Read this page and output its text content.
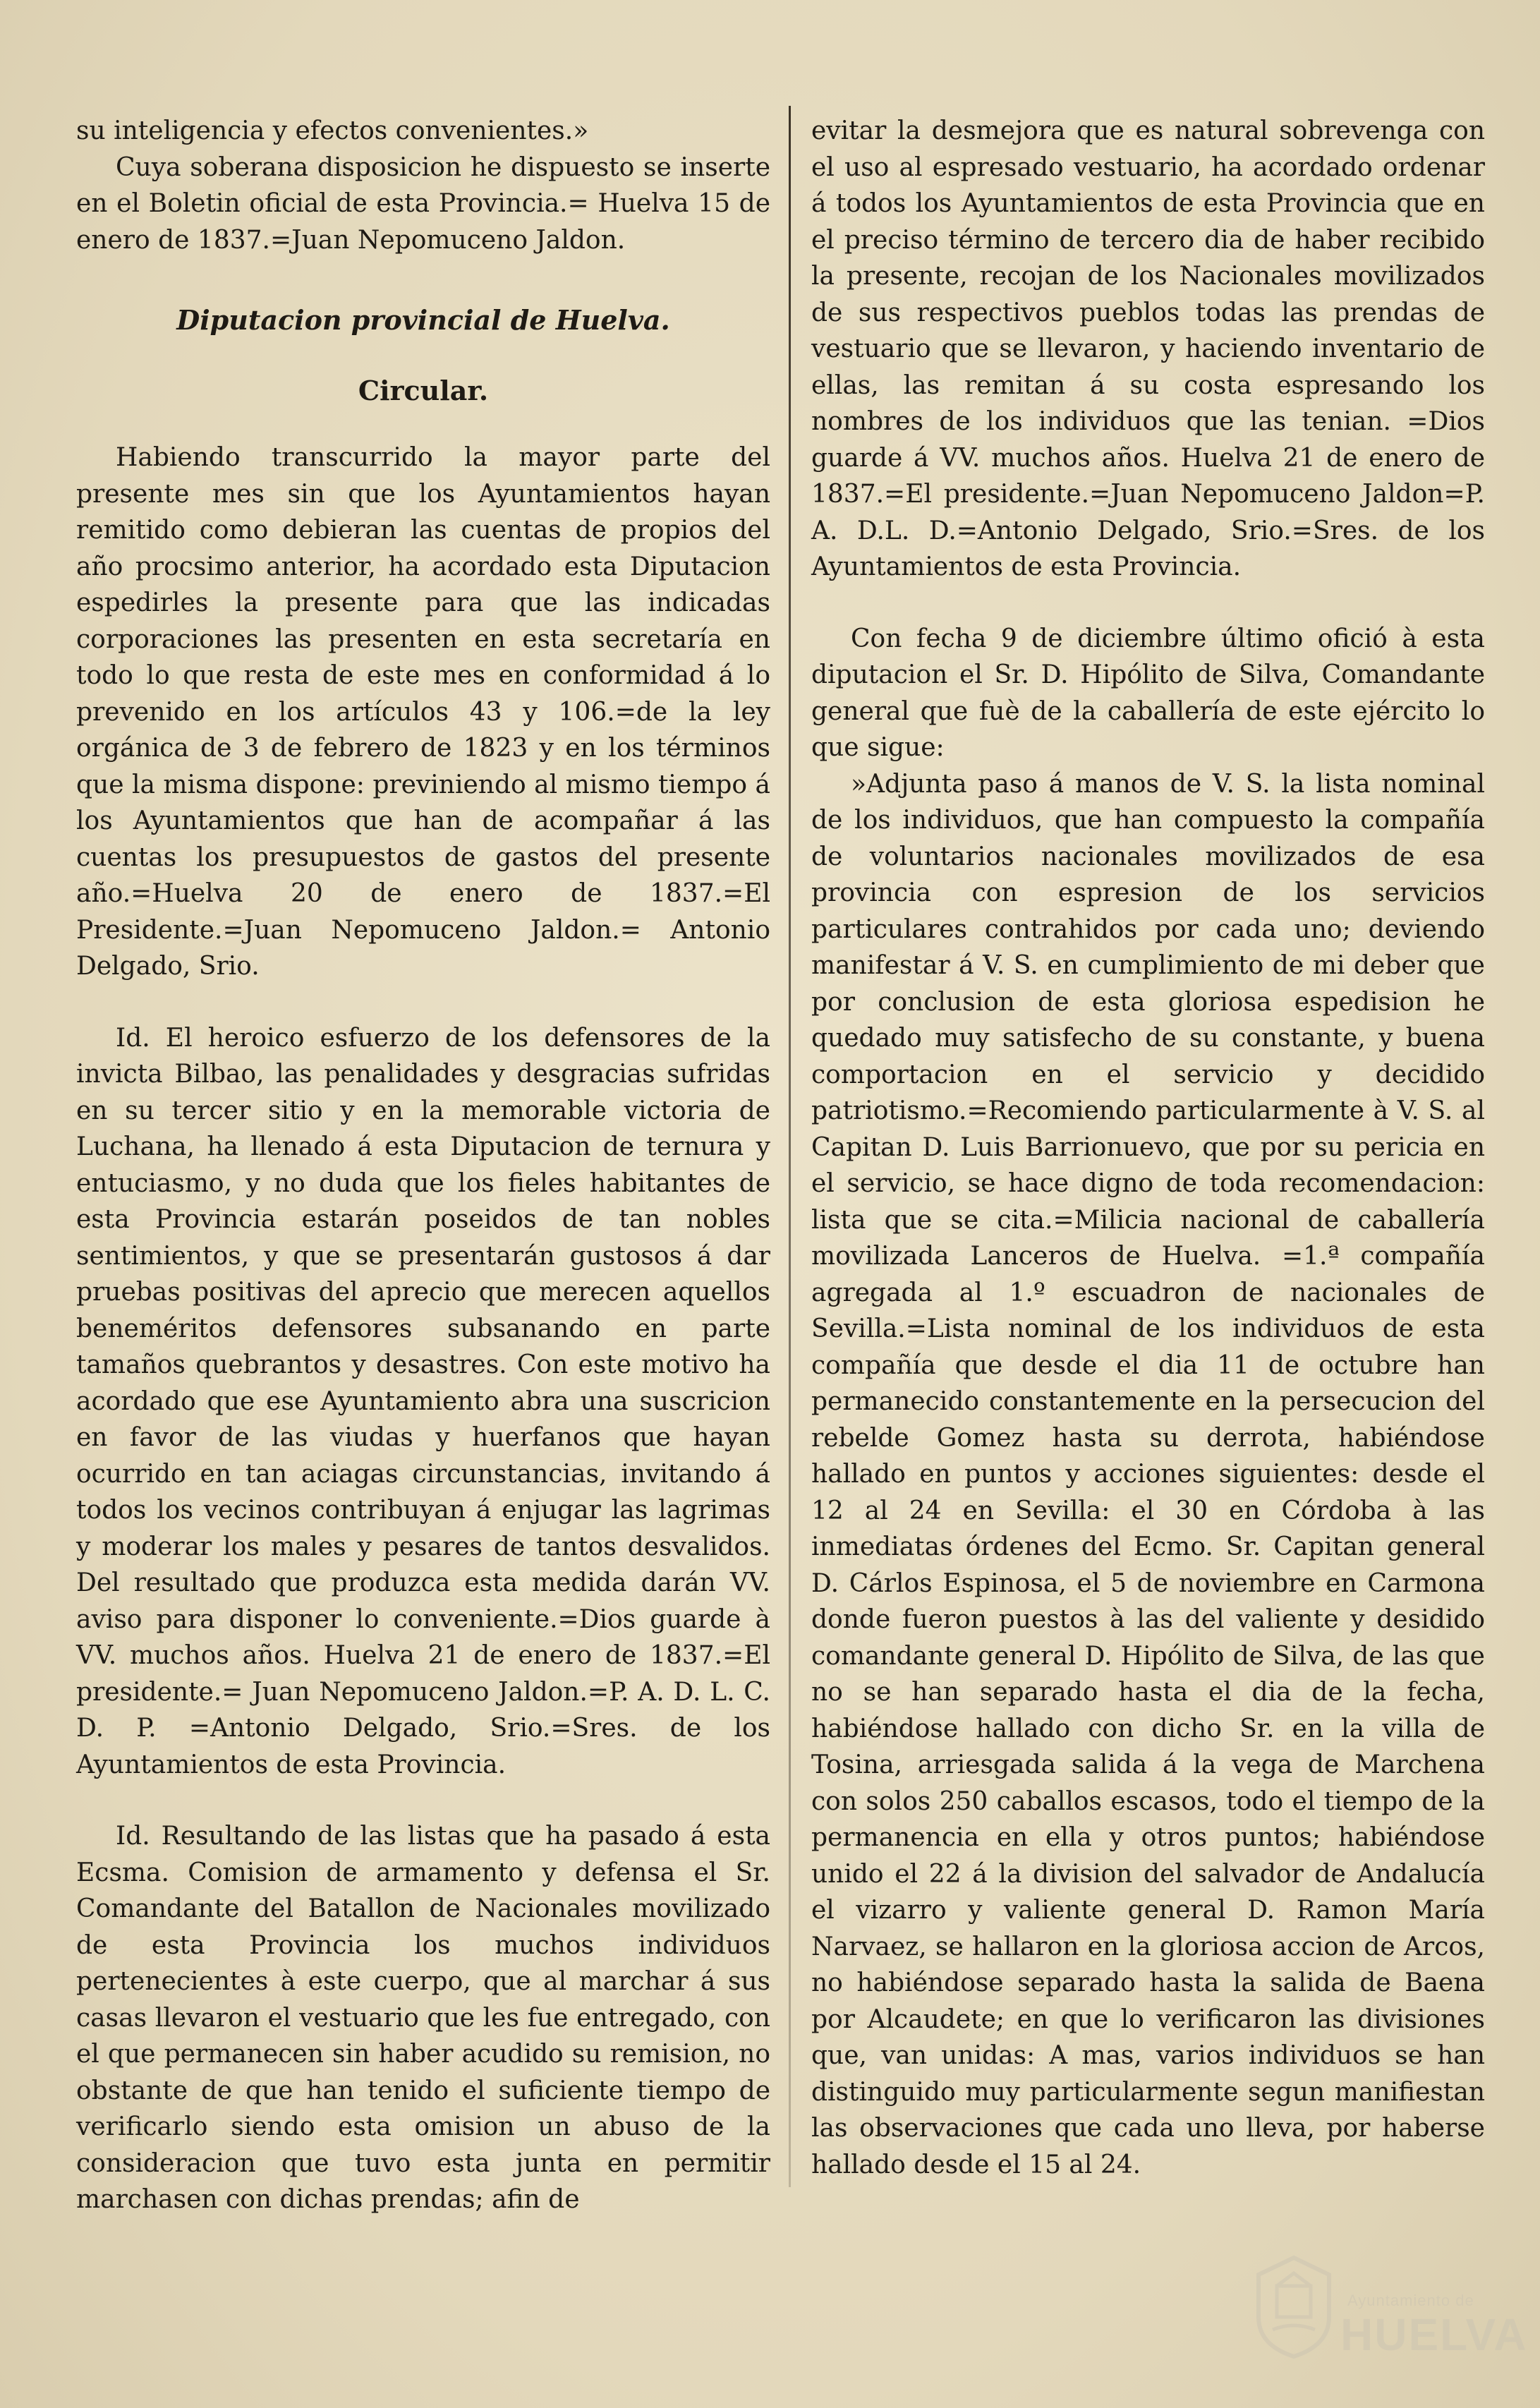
su inteligencia y efectos convenientes.»

Cuya soberana disposicion he dispuesto se inserte en el Boletin oficial de esta Provincia.= Huelva 15 de enero de 1837.=Juan Nepomuceno Jaldon.

Diputacion provincial de Huelva.
Circular.

Habiendo transcurrido la mayor parte del presente mes sin que los Ayuntamientos hayan remitido como debieran las cuentas de propios del año procsimo anterior, ha acordado esta Diputacion espedirles la presente para que las indicadas corporaciones las presenten en esta secretaría en todo lo que resta de este mes en conformidad á lo prevenido en los artículos 43 y 106.=de la ley orgánica de 3 de febrero de 1823 y en los términos que la misma dispone: previniendo al mismo tiempo á los Ayuntamientos que han de acompañar á las cuentas los presupuestos de gastos del presente año.=Huelva 20 de enero de 1837.=El Presidente.=Juan Nepomuceno Jaldon.= Antonio Delgado, Srio.

Id. El heroico esfuerzo de los defensores de la invicta Bilbao, las penalidades y desgracias sufridas en su tercer sitio y en la memorable victoria de Luchana, ha llenado á esta Diputacion de ternura y entuciasmo, y no duda que los fieles habitantes de esta Provincia estarán poseidos de tan nobles sentimientos, y que se presentarán gustosos á dar pruebas positivas del aprecio que merecen aquellos beneméritos defensores subsanando en parte tamaños quebrantos y desastres. Con este motivo ha acordado que ese Ayuntamiento abra una suscricion en favor de las viudas y huerfanos que hayan ocurrido en tan aciagas circunstancias, invitando á todos los vecinos contribuyan á enjugar las lagrimas y moderar los males y pesares de tantos desvalidos. Del resultado que produzca esta medida darán VV. aviso para disponer lo conveniente.=Dios guarde à VV. muchos años. Huelva 21 de enero de 1837.=El presidente.= Juan Nepomuceno Jaldon.=P. A. D. L. C. D. P. =Antonio Delgado, Srio.=Sres. de los Ayuntamientos de esta Provincia.

Id. Resultando de las listas que ha pasado á esta Ecsma. Comision de armamento y defensa el Sr. Comandante del Batallon de Nacionales movilizado de esta Provincia los muchos individuos pertenecientes à este cuerpo, que al marchar á sus casas llevaron el vestuario que les fue entregado, con el que permanecen sin haber acudido su remision, no obstante de que han tenido el suficiente tiempo de verificarlo siendo esta omision un abuso de la consideracion que tuvo esta junta en permitir marchasen con dichas prendas; afin de

evitar la desmejora que es natural sobrevenga con el uso al espresado vestuario, ha acordado ordenar á todos los Ayuntamientos de esta Provincia que en el preciso término de tercero dia de haber recibido la presente, recojan de los Nacionales movilizados de sus respectivos pueblos todas las prendas de vestuario que se llevaron, y haciendo inventario de ellas, las remitan á su costa espresando los nombres de los individuos que las tenian. =Dios guarde á VV. muchos años. Huelva 21 de enero de 1837.=El presidente.=Juan Nepomuceno Jaldon=P. A. D.L. D.=Antonio Delgado, Srio.=Sres. de los Ayuntamientos de esta Provincia.

Con fecha 9 de diciembre último ofició à esta diputacion el Sr. D. Hipólito de Silva, Comandante general que fuè de la caballería de este ejército lo que sigue:

»Adjunta paso á manos de V. S. la lista nominal de los individuos, que han compuesto la compañía de voluntarios nacionales movilizados de esa provincia con espresion de los servicios particulares contrahidos por cada uno; deviendo manifestar á V. S. en cumplimiento de mi deber que por conclusion de esta gloriosa espedision he quedado muy satisfecho de su constante, y buena comportacion en el servicio y decidido patriotismo.=Recomiendo particularmente à V. S. al Capitan D. Luis Barrionuevo, que por su pericia en el servicio, se hace digno de toda recomendacion: lista que se cita.=Milicia nacional de caballería movilizada Lanceros de Huelva. =1.ª compañía agregada al 1.º escuadron de nacionales de Sevilla.=Lista nominal de los individuos de esta compañía que desde el dia 11 de octubre han permanecido constantemente en la persecucion del rebelde Gomez hasta su derrota, habiéndose hallado en puntos y acciones siguientes: desde el 12 al 24 en Sevilla: el 30 en Córdoba à las inmediatas órdenes del Ecmo. Sr. Capitan general D. Cárlos Espinosa, el 5 de noviembre en Carmona donde fueron puestos à las del valiente y desidido comandante general D. Hipólito de Silva, de las que no se han separado hasta el dia de la fecha, habiéndose hallado con dicho Sr. en la villa de Tosina, arriesgada salida á la vega de Marchena con solos 250 caballos escasos, todo el tiempo de la permanencia en ella y otros puntos; habiéndose unido el 22 á la division del salvador de Andalucía el vizarro y valiente general D. Ramon María Narvaez, se hallaron en la gloriosa accion de Arcos, no habiéndose separado hasta la salida de Baena por Alcaudete; en que lo verificaron las divisiones que, van unidas: A mas, varios individuos se han distinguido muy particularmente segun manifiestan las observaciones que cada uno lleva, por haberse hallado desde el 15 al 24.

Ayuntamiento de
HUELVA
